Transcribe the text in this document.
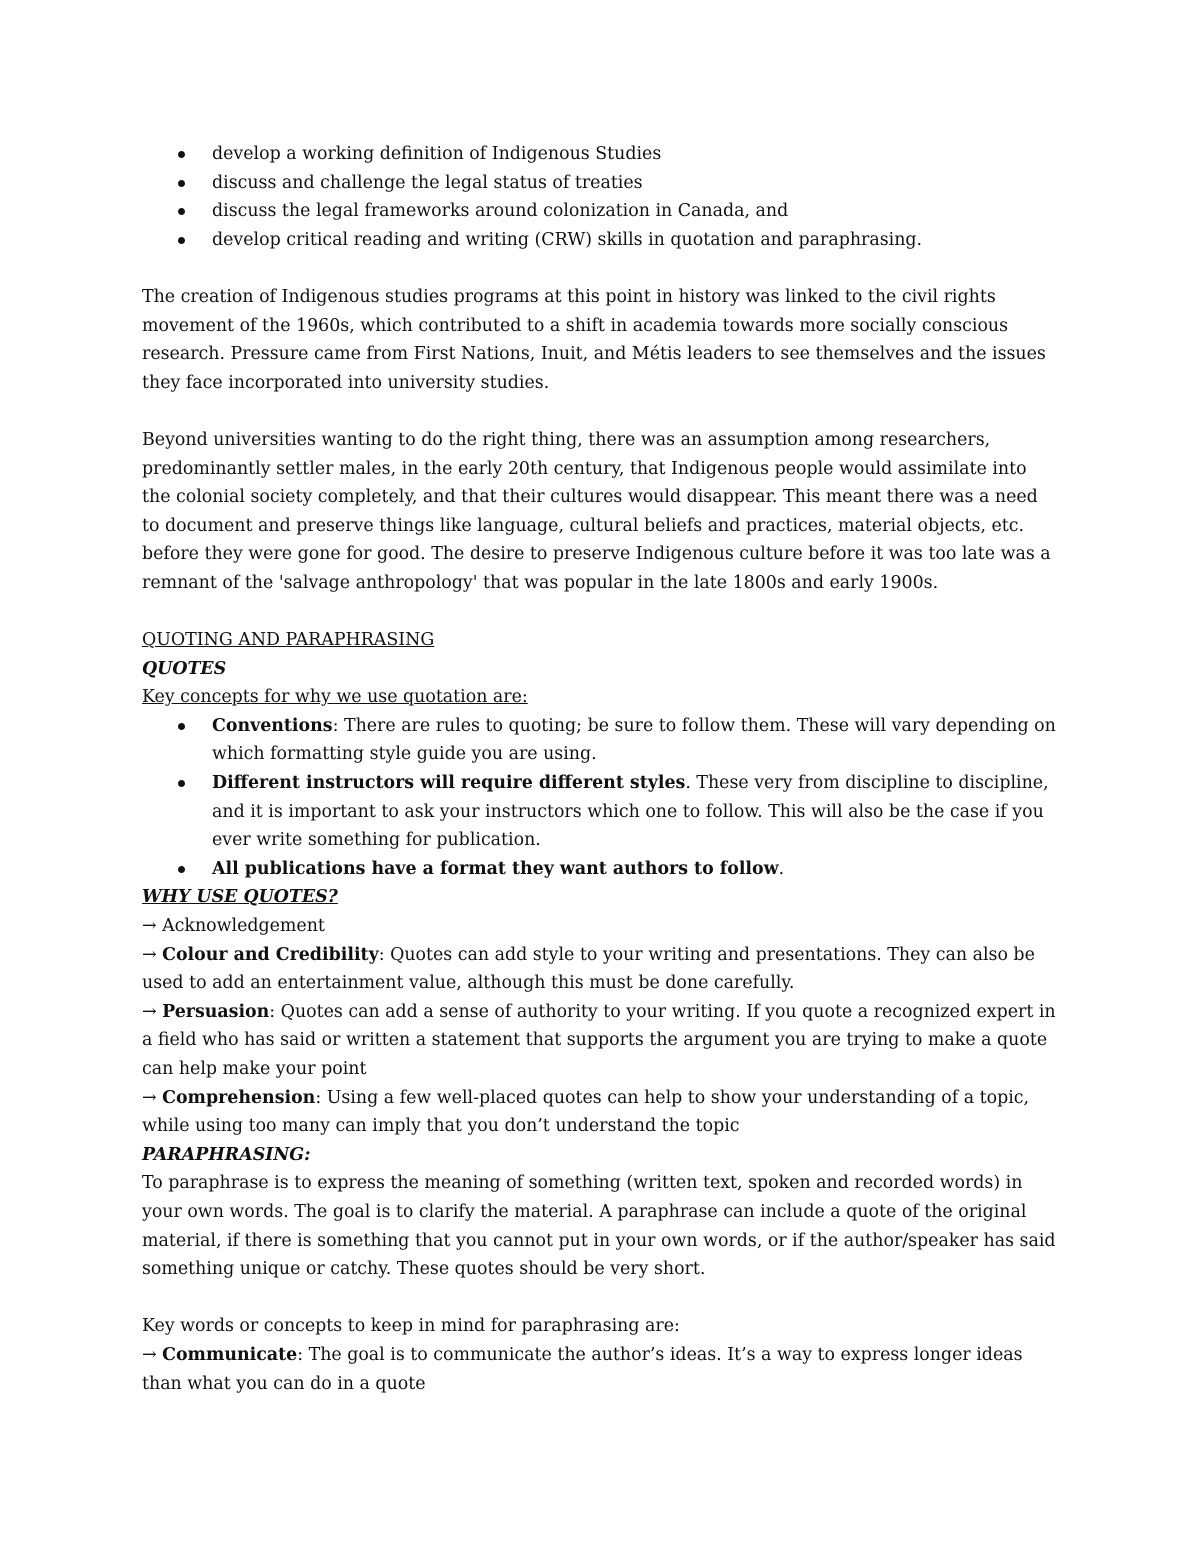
develop a working definition of Indigenous Studies
discuss and challenge the legal status of treaties
discuss the legal frameworks around colonization in Canada, and
develop critical reading and writing (CRW) skills in quotation and paraphrasing.

The creation of Indigenous studies programs at this point in history was linked to the civil rights movement of the 1960s, which contributed to a shift in academia towards more socially conscious research. Pressure came from First Nations, Inuit, and Métis leaders to see themselves and the issues they face incorporated into university studies.

Beyond universities wanting to do the right thing, there was an assumption among researchers, predominantly settler males, in the early 20th century, that Indigenous people would assimilate into the colonial society completely, and that their cultures would disappear. This meant there was a need to document and preserve things like language, cultural beliefs and practices, material objects, etc. before they were gone for good. The desire to preserve Indigenous culture before it was too late was a remnant of the 'salvage anthropology' that was popular in the late 1800s and early 1900s.

QUOTING AND PARAPHRASING

QUOTES

Key concepts for why we use quotation are:

Conventions: There are rules to quoting; be sure to follow them. These will vary depending on which formatting style guide you are using.
Different instructors will require different styles. These very from discipline to discipline, and it is important to ask your instructors which one to follow. This will also be the case if you ever write something for publication.
All publications have a format they want authors to follow.

WHY USE QUOTES?

→ Acknowledgement

→ Colour and Credibility: Quotes can add style to your writing and presentations. They can also be used to add an entertainment value, although this must be done carefully.

→ Persuasion: Quotes can add a sense of authority to your writing. If you quote a recognized expert in a field who has said or written a statement that supports the argument you are trying to make a quote can help make your point

→ Comprehension: Using a few well-placed quotes can help to show your understanding of a topic, while using too many can imply that you don’t understand the topic

PARAPHRASING:

To paraphrase is to express the meaning of something (written text, spoken and recorded words) in your own words. The goal is to clarify the material. A paraphrase can include a quote of the original material, if there is something that you cannot put in your own words, or if the author/speaker has said something unique or catchy. These quotes should be very short.

Key words or concepts to keep in mind for paraphrasing are:

→ Communicate: The goal is to communicate the author’s ideas. It’s a way to express longer ideas than what you can do in a quote
